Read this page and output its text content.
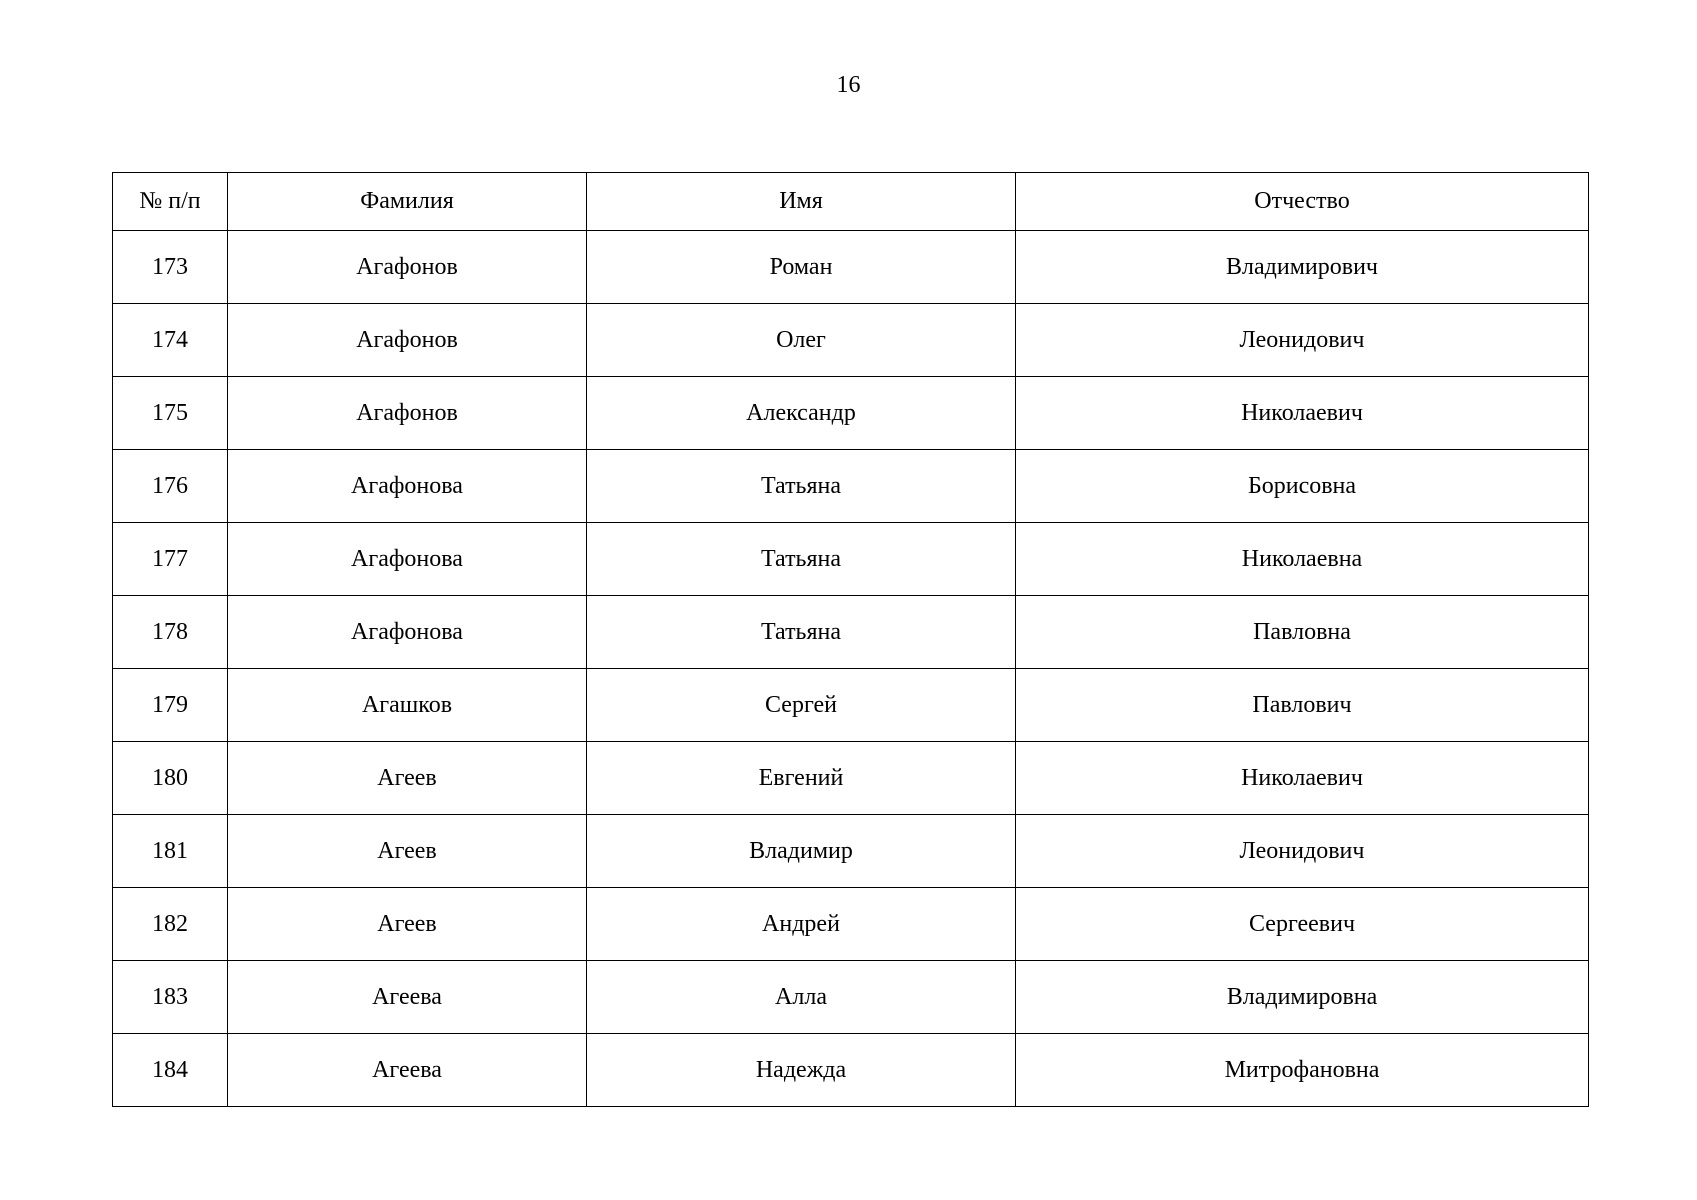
16
№ п/п	Фамилия	Имя	Отчество
173	Агафонов	Роман	Владимирович
174	Агафонов	Олег	Леонидович
175	Агафонов	Александр	Николаевич
176	Агафонова	Татьяна	Борисовна
177	Агафонова	Татьяна	Николаевна
178	Агафонова	Татьяна	Павловна
179	Агашков	Сергей	Павлович
180	Агеев	Евгений	Николаевич
181	Агеев	Владимир	Леонидович
182	Агеев	Андрей	Сергеевич
183	Агеева	Алла	Владимировна
184	Агеева	Надежда	Митрофановна
